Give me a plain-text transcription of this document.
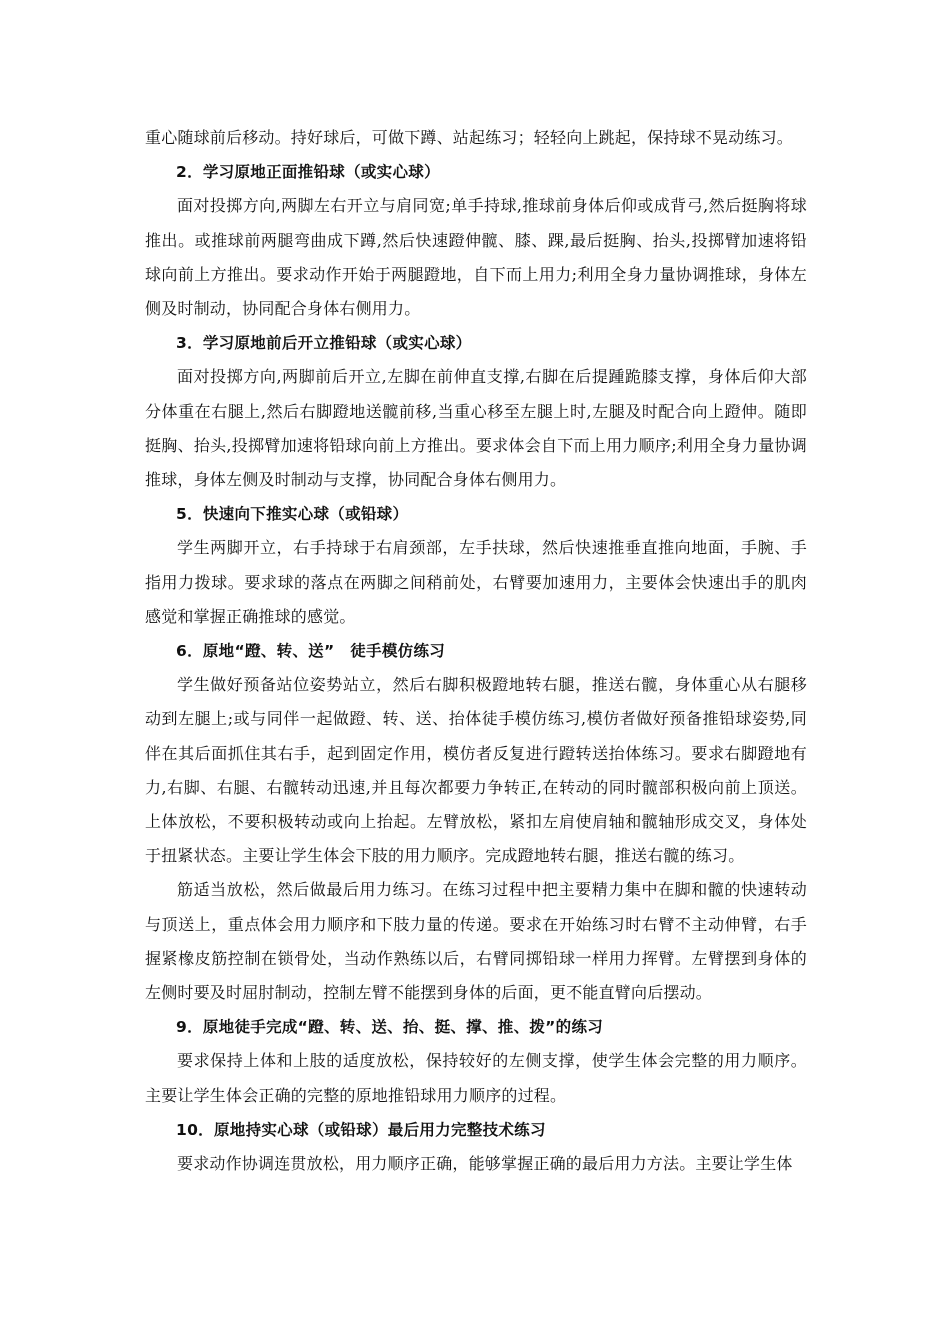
重心随球前后移动。持好球后，可做下蹲、站起练习；轻轻向上跳起，保持球不晃动练习。

2．学习原地正面推铅球（或实心球）

面对投掷方向,两脚左右开立与肩同宽;单手持球,推球前身体后仰或成背弓,然后挺胸将球推出。或推球前两腿弯曲成下蹲,然后快速蹬伸髋、膝、踝,最后挺胸、抬头,投掷臂加速将铅球向前上方推出。要求动作开始于两腿蹬地，自下而上用力;利用全身力量协调推球，身体左侧及时制动，协同配合身体右侧用力。

3．学习原地前后开立推铅球（或实心球）

面对投掷方向,两脚前后开立,左脚在前伸直支撑,右脚在后提踵跪膝支撑，身体后仰大部分体重在右腿上,然后右脚蹬地送髋前移,当重心移至左腿上时,左腿及时配合向上蹬伸。随即挺胸、抬头,投掷臂加速将铅球向前上方推出。要求体会自下而上用力顺序;利用全身力量协调推球，身体左侧及时制动与支撑，协同配合身体右侧用力。

5．快速向下推实心球（或铅球）

学生两脚开立，右手持球于右肩颈部，左手扶球，然后快速推垂直推向地面，手腕、手指用力拨球。要求球的落点在两脚之间稍前处，右臂要加速用力，主要体会快速出手的肌肉感觉和掌握正确推球的感觉。

6．原地“蹬、转、送”　徒手模仿练习

学生做好预备站位姿势站立，然后右脚积极蹬地转右腿，推送右髋，身体重心从右腿移动到左腿上;或与同伴一起做蹬、转、送、抬体徒手模仿练习,模仿者做好预备推铅球姿势,同伴在其后面抓住其右手，起到固定作用，模仿者反复进行蹬转送抬体练习。要求右脚蹬地有力,右脚、右腿、右髋转动迅速,并且每次都要力争转正,在转动的同时髋部积极向前上顶送。上体放松，不要积极转动或向上抬起。左臂放松，紧扣左肩使肩轴和髋轴形成交叉，身体处于扭紧状态。主要让学生体会下肢的用力顺序。完成蹬地转右腿，推送右髋的练习。

筋适当放松，然后做最后用力练习。在练习过程中把主要精力集中在脚和髋的快速转动与顶送上，重点体会用力顺序和下肢力量的传递。要求在开始练习时右臂不主动伸臂，右手握紧橡皮筋控制在锁骨处，当动作熟练以后，右臂同掷铅球一样用力挥臂。左臂摆到身体的左侧时要及时屈肘制动，控制左臂不能摆到身体的后面，更不能直臂向后摆动。

9．原地徒手完成“蹬、转、送、抬、挺、撑、推、拨”的练习

要求保持上体和上肢的适度放松，保持较好的左侧支撑，使学生体会完整的用力顺序。主要让学生体会正确的完整的原地推铅球用力顺序的过程。

10．原地持实心球（或铅球）最后用力完整技术练习

要求动作协调连贯放松，用力顺序正确，能够掌握正确的最后用力方法。主要让学生体
